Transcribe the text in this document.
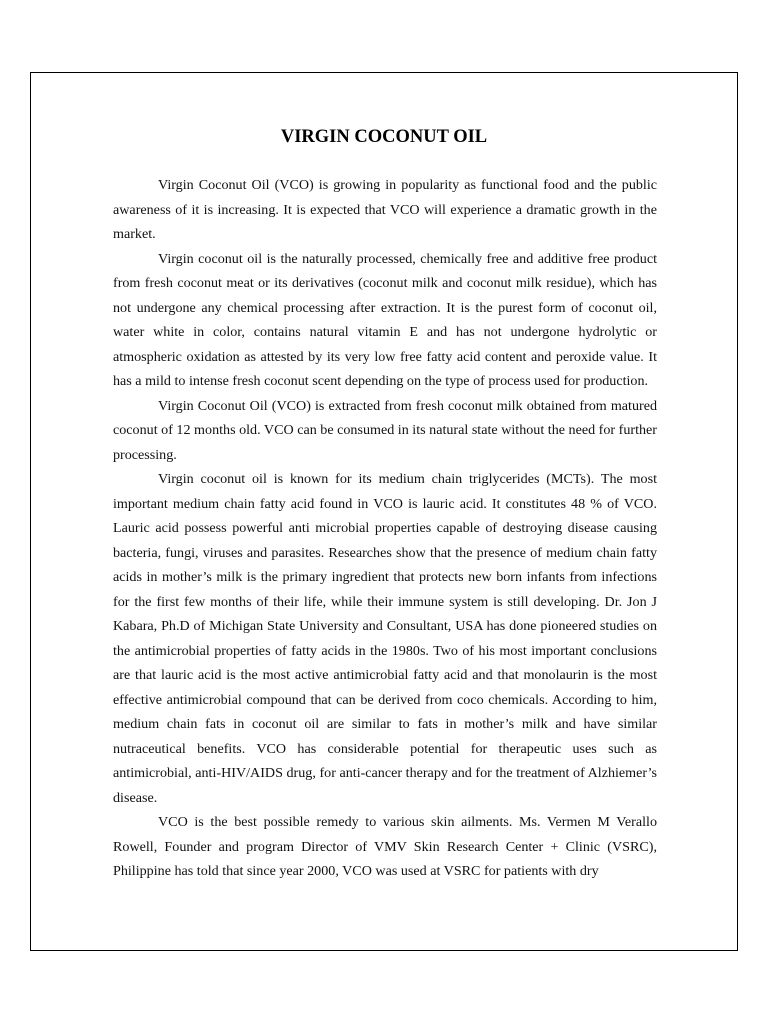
VIRGIN COCONUT OIL

Virgin Coconut Oil (VCO) is growing in popularity as functional food and the public awareness of it is increasing. It is expected that VCO will experience a dramatic growth in the market.

Virgin coconut oil is the naturally processed, chemically free and additive free product from fresh coconut meat or its derivatives (coconut milk and coconut milk residue), which has not undergone any chemical processing after extraction. It is the purest form of coconut oil, water white in color, contains natural vitamin E and has not undergone hydrolytic or atmospheric oxidation as attested by its very low free fatty acid content and peroxide value. It has a mild to intense fresh coconut scent depending on the type of process used for production.

Virgin Coconut Oil (VCO) is extracted from fresh coconut milk obtained from matured coconut of 12 months old. VCO can be consumed in its natural state without the need for further processing.

Virgin coconut oil is known for its medium chain triglycerides (MCTs). The most important medium chain fatty acid found in VCO is lauric acid. It constitutes 48 % of VCO. Lauric acid possess powerful anti microbial properties capable of destroying disease causing bacteria, fungi, viruses and parasites. Researches show that the presence of medium chain fatty acids in mother’s milk is the primary ingredient that protects new born infants from infections for the first few months of their life, while their immune system is still developing. Dr. Jon J Kabara, Ph.D of Michigan State University and Consultant, USA has done pioneered studies on the antimicrobial properties of fatty acids in the 1980s. Two of his most important conclusions are that lauric acid is the most active antimicrobial fatty acid and that monolaurin is the most effective antimicrobial compound that can be derived from coco chemicals. According to him, medium chain fats in coconut oil are similar to fats in mother’s milk and have similar nutraceutical benefits. VCO has considerable potential for therapeutic uses such as antimicrobial, anti-HIV/AIDS drug, for anti-cancer therapy and for the treatment of Alzhiemer’s disease.

VCO is the best possible remedy to various skin ailments. Ms. Vermen M Verallo Rowell, Founder and program Director of VMV Skin Research Center + Clinic (VSRC), Philippine has told that since year 2000, VCO was used at VSRC for patients with dry
